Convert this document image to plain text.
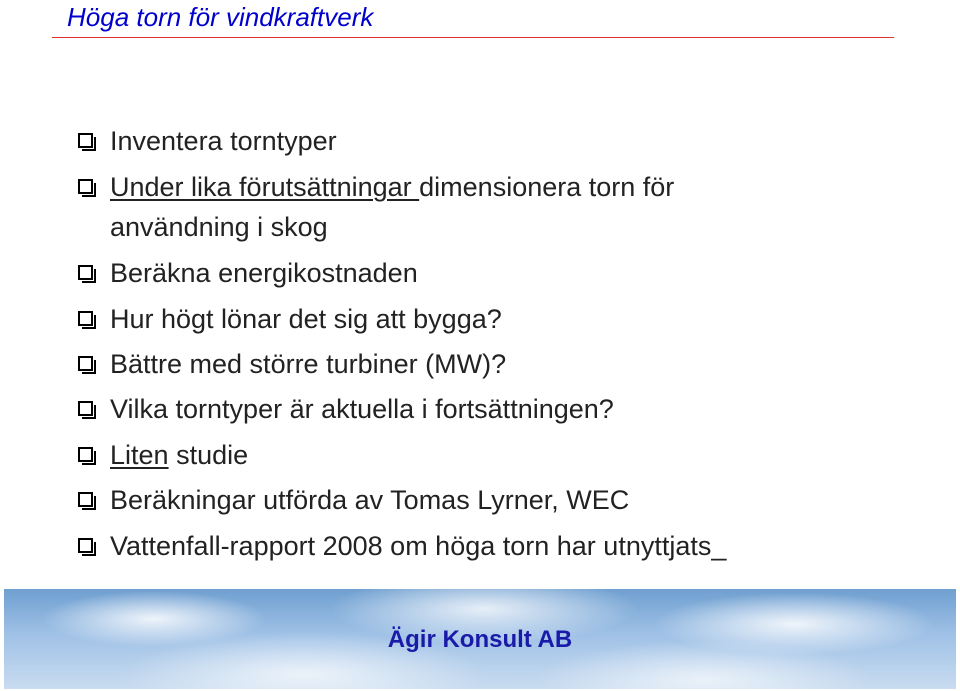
Höga torn för vindkraftverk
Inventera torntyper
Under lika förutsättningar dimensionera torn för
användning i skog
Beräkna energikostnaden
Hur högt lönar det sig att bygga?
Bättre med större turbiner (MW)?
Vilka torntyper är aktuella i fortsättningen?
Liten studie
Beräkningar utförda av Tomas Lyrner, WEC
Vattenfall-rapport 2008 om höga torn har utnyttjats_
Ägir Konsult AB
